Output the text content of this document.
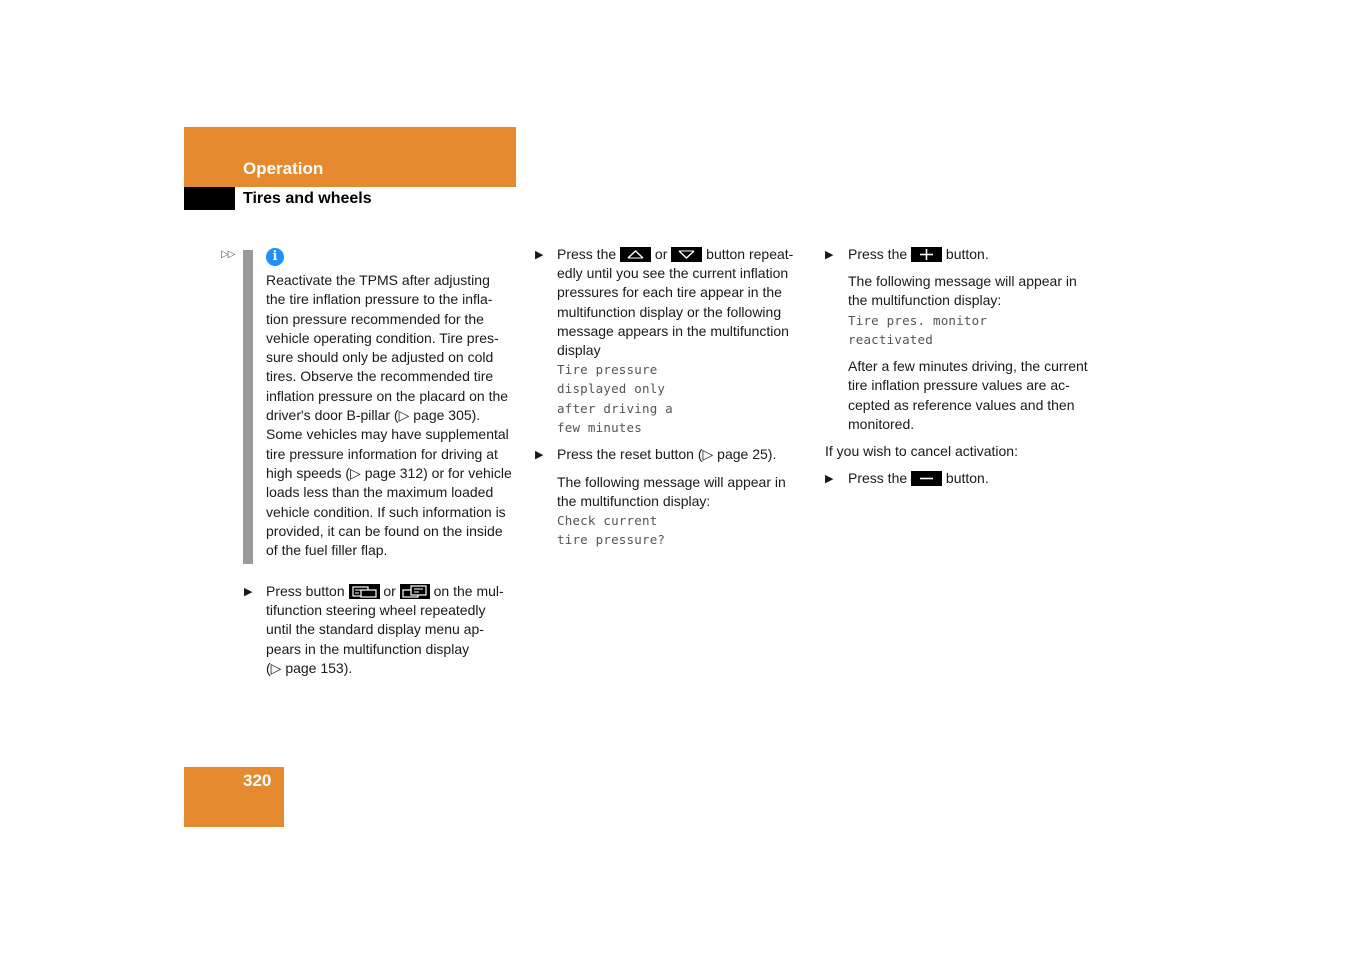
Operation
Tires and wheels
▷▷	i
Reactivate the TPMS after adjusting
the tire inflation pressure to the infla-
tion pressure recommended for the
vehicle operating condition. Tire pres-
sure should only be adjusted on cold
tires. Observe the recommended tire
inflation pressure on the placard on the
driver's door B-pillar (▷ page 305).
Some vehicles may have supplemental
tire pressure information for driving at
high speeds (▷ page 312) or for vehicle
loads less than the maximum loaded
vehicle condition. If such information is
provided, it can be found on the inside
of the fuel filler flap.
▶ Press button	or	on the mul-
tifunction steering wheel repeatedly
until the standard display menu ap-
pears in the multifunction display
(▷ page 153).
▶ Press the	or	button repeat-
edly until you see the current inflation
pressures for each tire appear in the
multifunction display or the following
message appears in the multifunction
display
Tire pressure
displayed only
after driving a
few minutes
▶ Press the reset button (▷ page 25).
The following message will appear in
the multifunction display:
Check current
tire pressure?
▶ Press the	button.
The following message will appear in
the multifunction display:
Tire pres. monitor
reactivated
After a few minutes driving, the current
tire inflation pressure values are ac-
cepted as reference values and then
monitored.
If you wish to cancel activation:
▶ Press the	button.
320
